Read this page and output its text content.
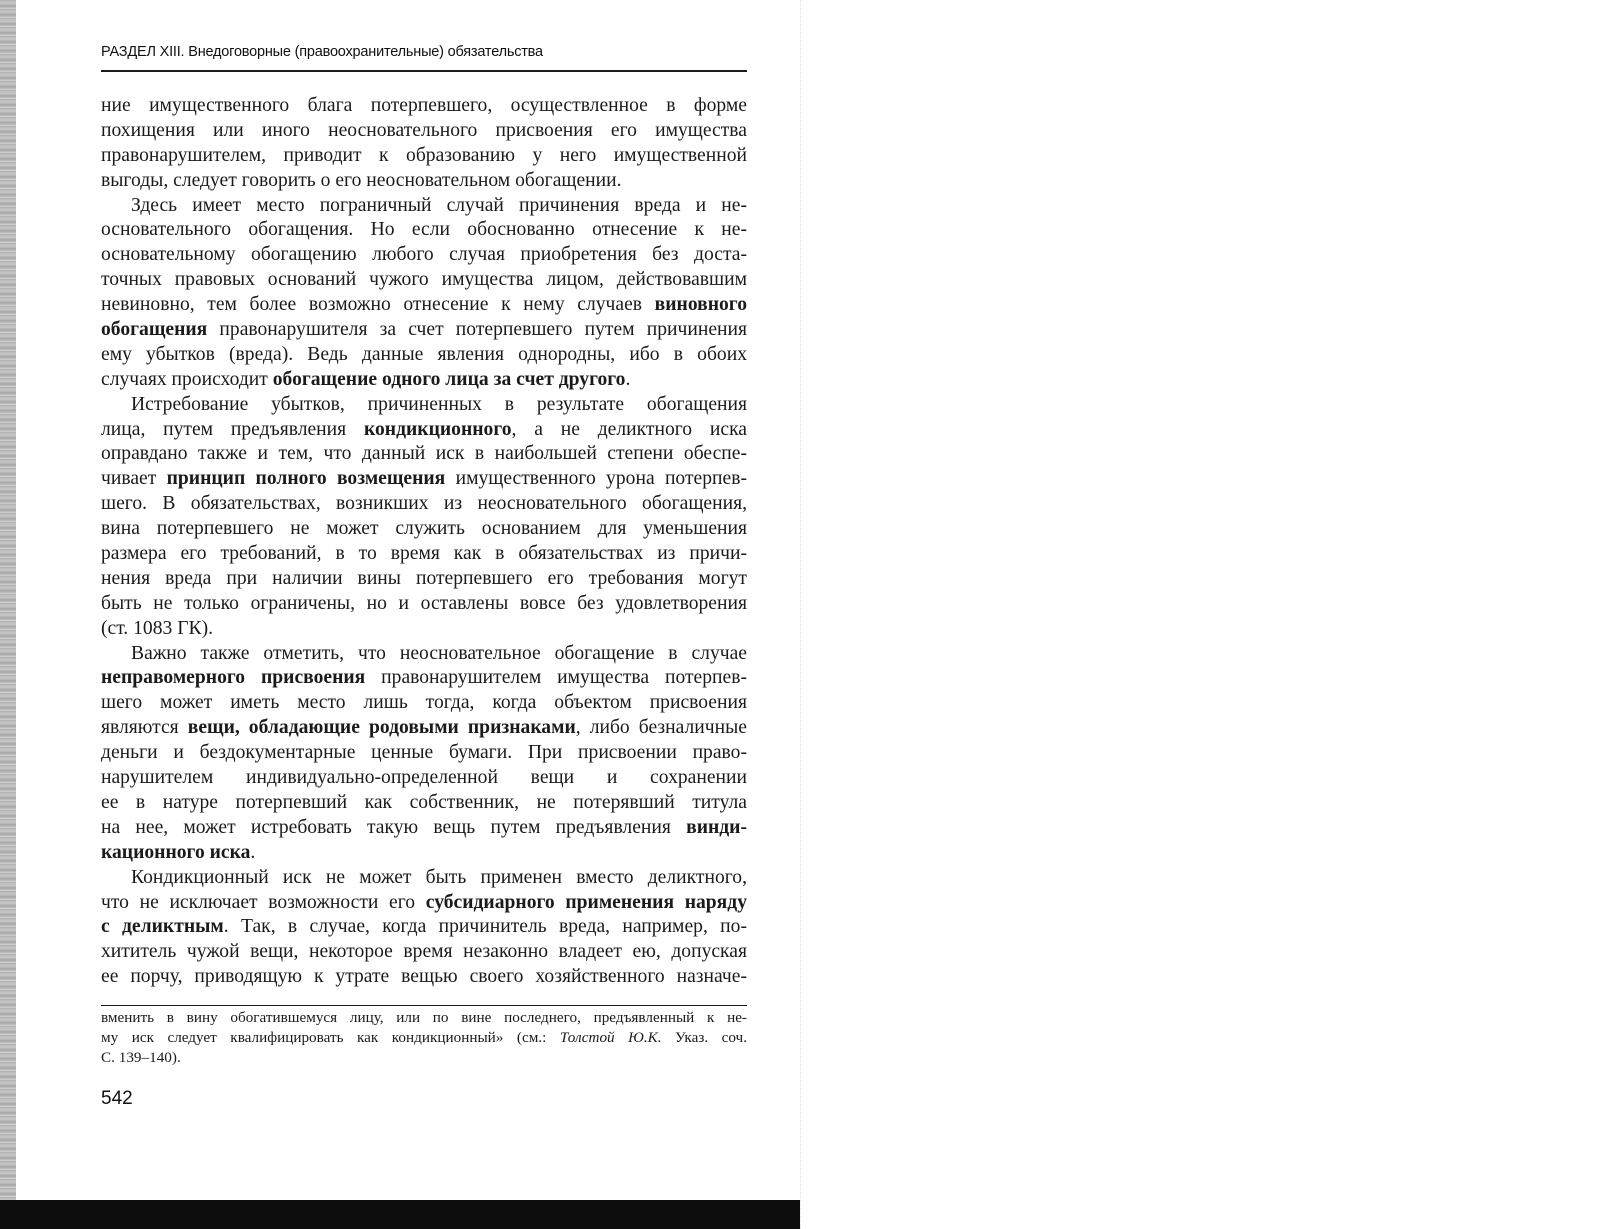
РАЗДЕЛ XIII. Внедоговорные (правоохранительные) обязательства
ние имущественного блага потерпевшего, осуществленное в форме
похищения или иного неосновательного присвоения его имущества
правонарушителем, приводит к образованию у него имущественной
выгоды, следует говорить о его неосновательном обогащении.
Здесь имеет место пограничный случай причинения вреда и не-
основательного обогащения. Но если обоснованно отнесение к не-
основательному обогащению любого случая приобретения без доста-
точных правовых оснований чужого имущества лицом, действовавшим
невиновно, тем более возможно отнесение к нему случаев виновного
обогащения правонарушителя за счет потерпевшего путем причинения
ему убытков (вреда). Ведь данные явления однородны, ибо в обоих
случаях происходит обогащение одного лица за счет другого.
Истребование убытков, причиненных в результате обогащения
лица, путем предъявления кондикционного, а не деликтного иска
оправдано также и тем, что данный иск в наибольшей степени обеспе-
чивает принцип полного возмещения имущественного урона потерпев-
шего. В обязательствах, возникших из неосновательного обогащения,
вина потерпевшего не может служить основанием для уменьшения
размера его требований, в то время как в обязательствах из причи-
нения вреда при наличии вины потерпевшего его требования могут
быть не только ограничены, но и оставлены вовсе без удовлетворения
(ст. 1083 ГК).
Важно также отметить, что неосновательное обогащение в случае
неправомерного присвоения правонарушителем имущества потерпев-
шего может иметь место лишь тогда, когда объектом присвоения
являются вещи, обладающие родовыми признаками, либо безналичные
деньги и бездокументарные ценные бумаги. При присвоении право-
нарушителем индивидуально-определенной вещи и сохранении
ее в натуре потерпевший как собственник, не потерявший титула
на нее, может истребовать такую вещь путем предъявления винди-
кационного иска.
Кондикционный иск не может быть применен вместо деликтного,
что не исключает возможности его субсидиарного применения наряду
с деликтным. Так, в случае, когда причинитель вреда, например, по-
хититель чужой вещи, некоторое время незаконно владеет ею, допуская
ее порчу, приводящую к утрате вещью своего хозяйственного назначе-
вменить в вину обогатившемуся лицу, или по вине последнего, предъявленный к не-
му иск следует квалифицировать как кондикционный» (см.: Толстой Ю.К. Указ. соч.
С. 139–140).
542
